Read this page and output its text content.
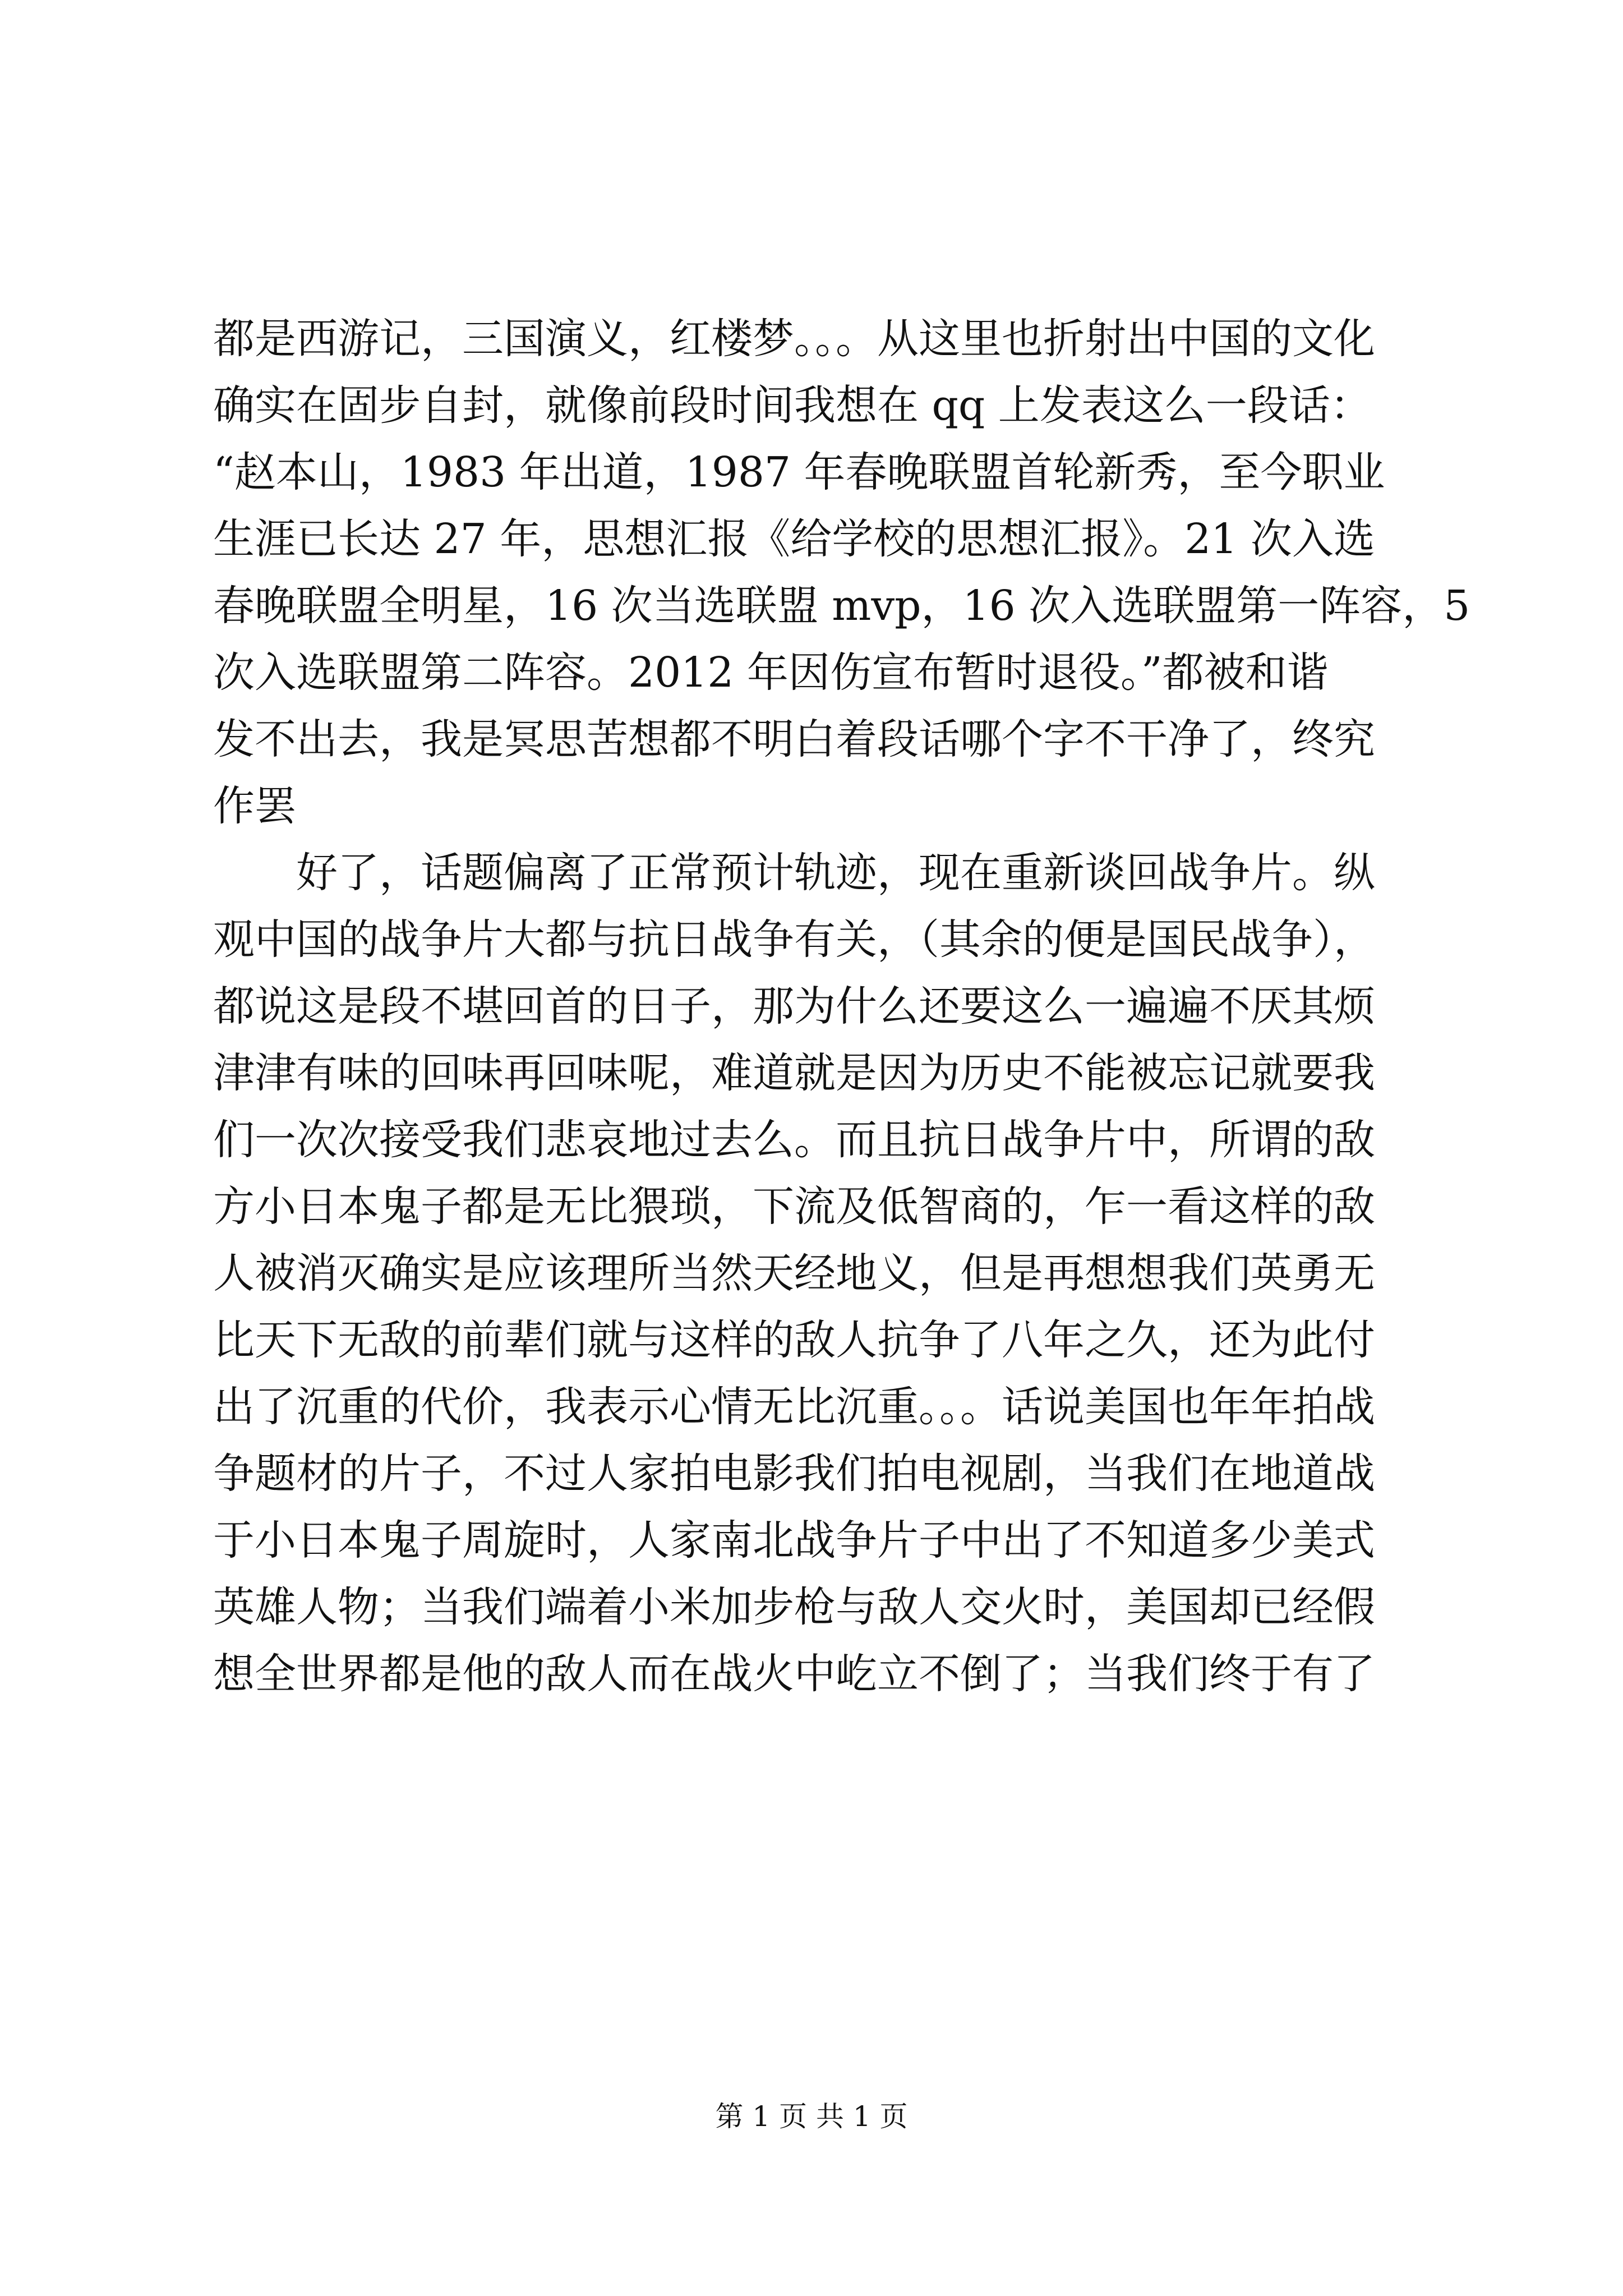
都是西游记，三国演义，红楼梦。。。从这里也折射出中国的文化
确实在固步自封，就像前段时间我想在 qq 上发表这么一段话：
“赵本山，1983 年出道，1987 年春晚联盟首轮新秀，至今职业
生涯已长达 27 年，思想汇报《给学校的思想汇报》。21 次入选
春晚联盟全明星，16 次当选联盟 mvp，16 次入选联盟第一阵容，5
次入选联盟第二阵容。2012 年因伤宣布暂时退役。”都被和谐
发不出去，我是冥思苦想都不明白着段话哪个字不干净了，终究
作罢
　　好了，话题偏离了正常预计轨迹，现在重新谈回战争片。纵
观中国的战争片大都与抗日战争有关，（其余的便是国民战争），
都说这是段不堪回首的日子，那为什么还要这么一遍遍不厌其烦
津津有味的回味再回味呢，难道就是因为历史不能被忘记就要我
们一次次接受我们悲哀地过去么。而且抗日战争片中，所谓的敌
方小日本鬼子都是无比猥琐，下流及低智商的，乍一看这样的敌
人被消灭确实是应该理所当然天经地义，但是再想想我们英勇无
比天下无敌的前辈们就与这样的敌人抗争了八年之久，还为此付
出了沉重的代价，我表示心情无比沉重。。。话说美国也年年拍战
争题材的片子，不过人家拍电影我们拍电视剧，当我们在地道战
于小日本鬼子周旋时，人家南北战争片子中出了不知道多少美式
英雄人物；当我们端着小米加步枪与敌人交火时，美国却已经假
想全世界都是他的敌人而在战火中屹立不倒了；当我们终于有了
第 1 页 共 1 页
